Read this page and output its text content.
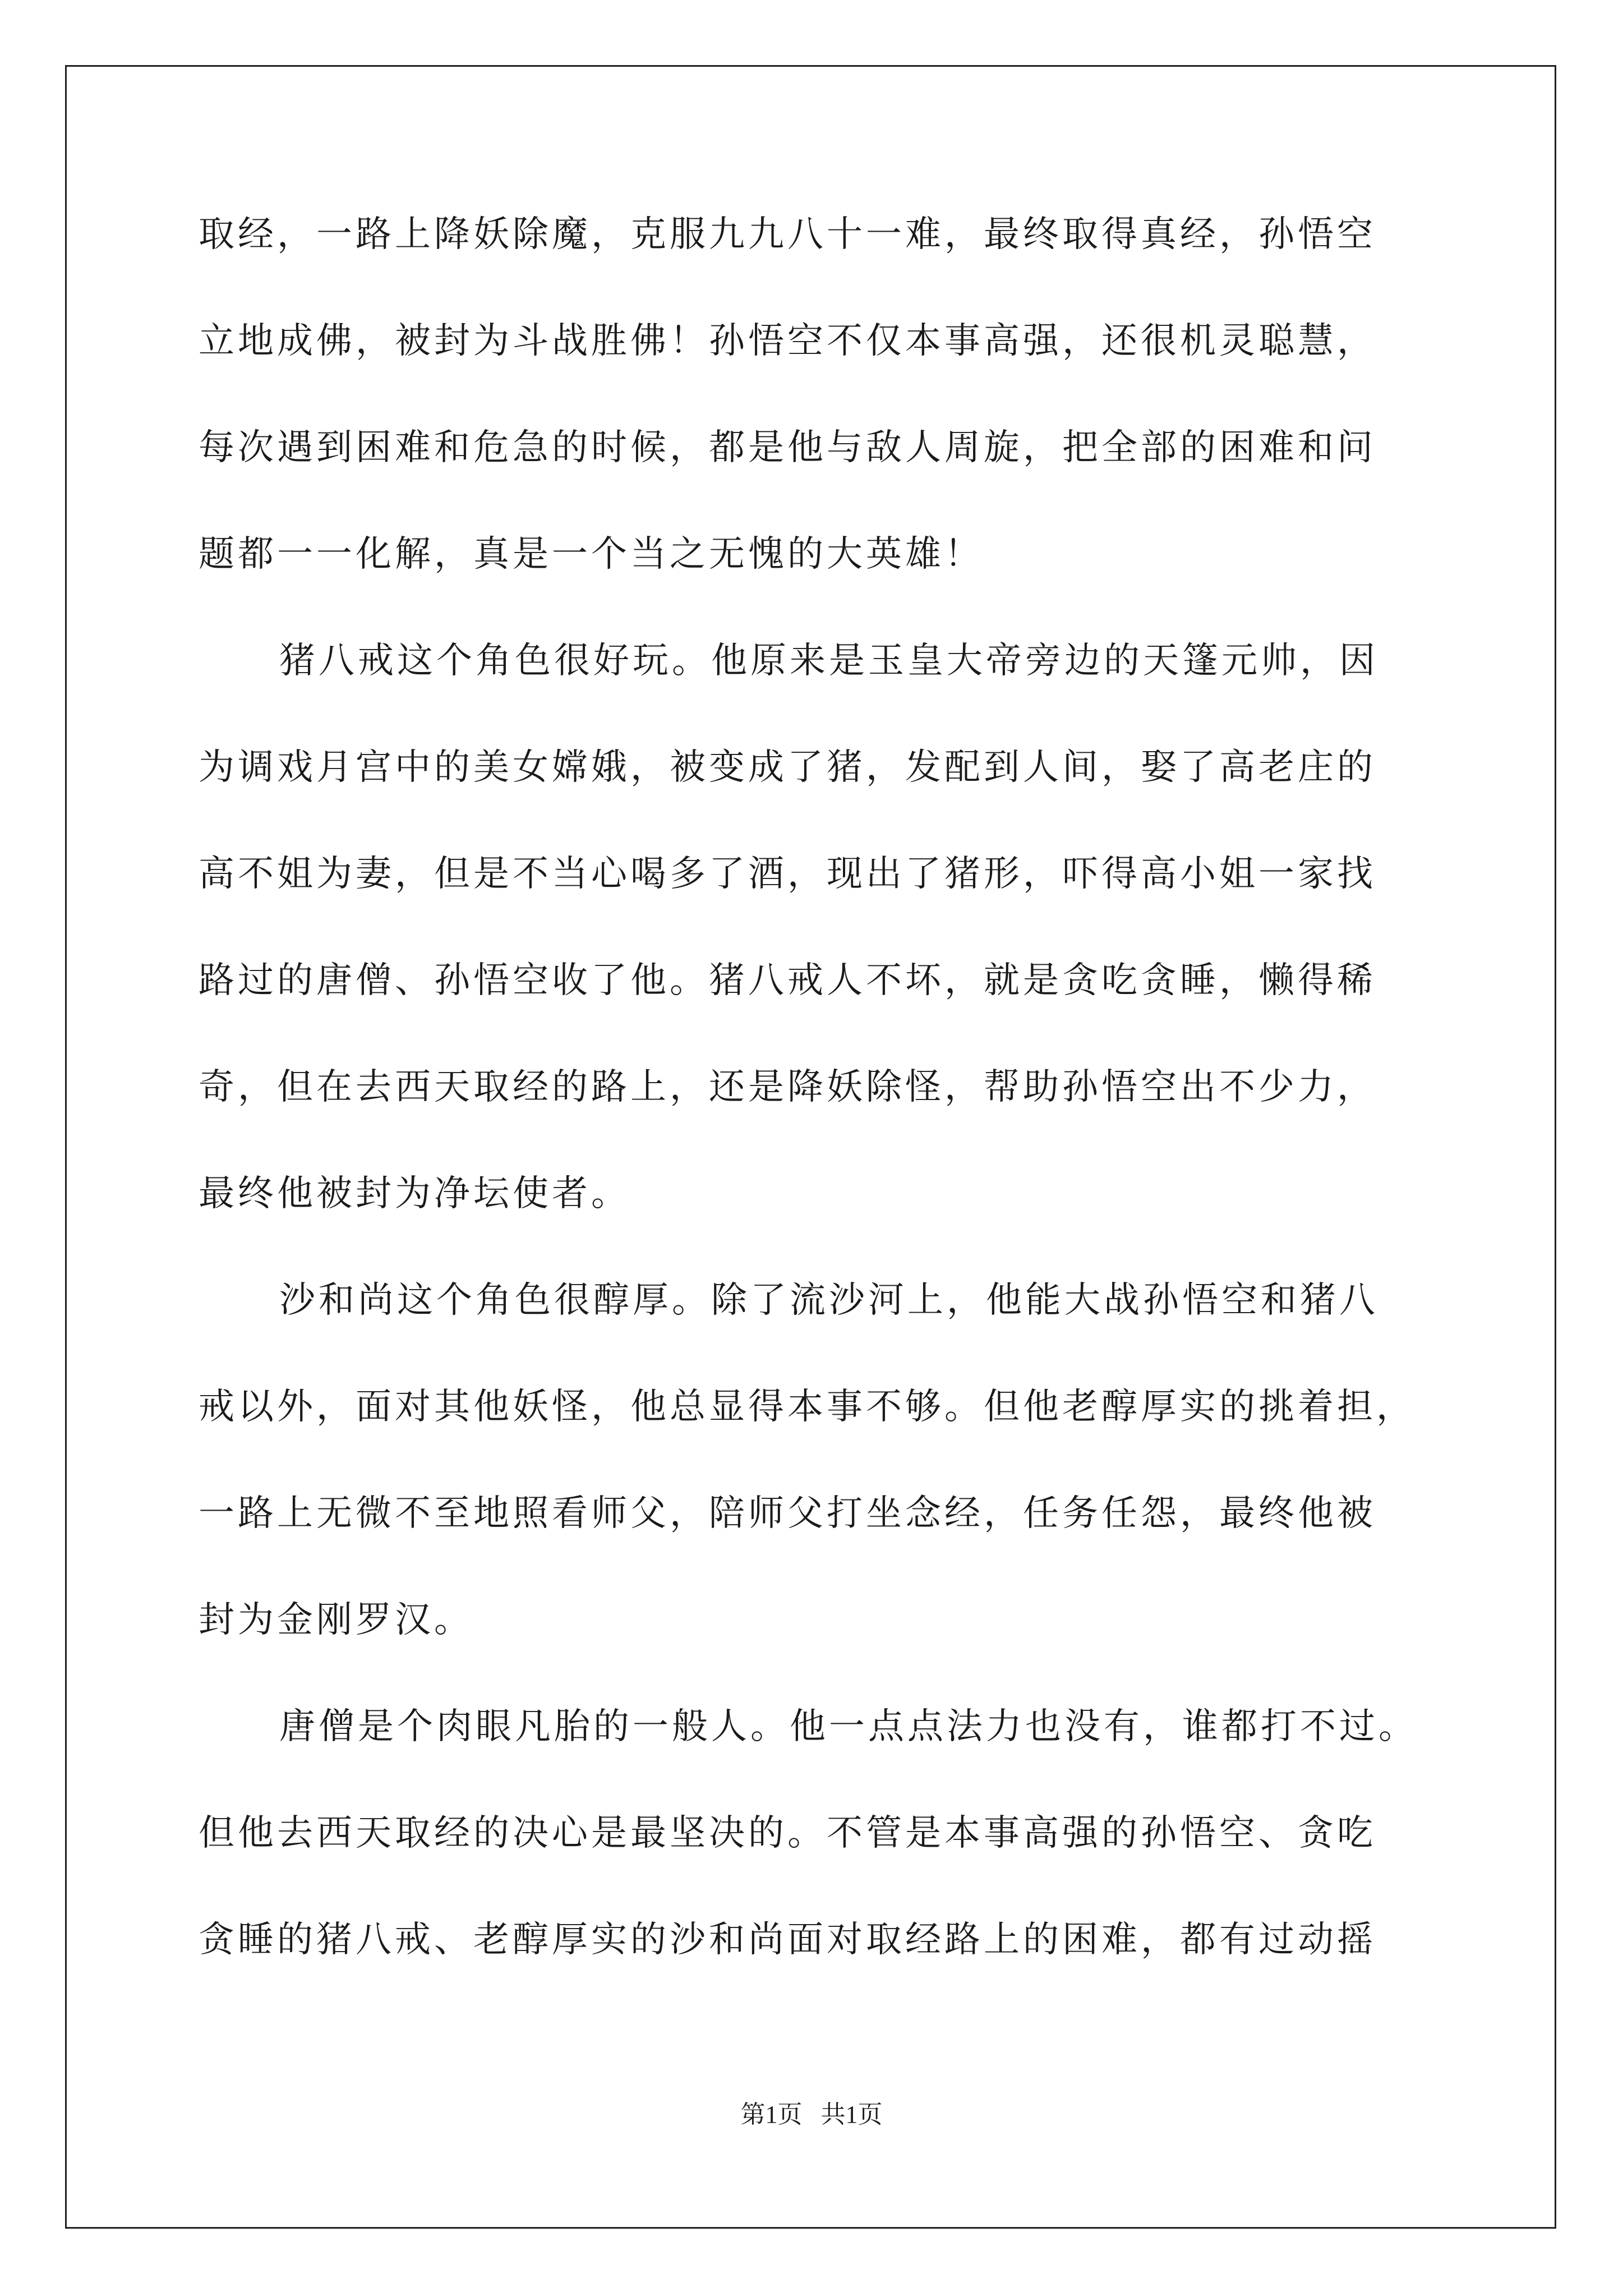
取经，一路上降妖除魔，克服九九八十一难，最终取得真经，孙悟空
立地成佛，被封为斗战胜佛！孙悟空不仅本事高强，还很机灵聪慧，
每次遇到困难和危急的时候，都是他与敌人周旋，把全部的困难和问
题都一一化解，真是一个当之无愧的大英雄！
猪八戒这个角色很好玩。他原来是玉皇大帝旁边的天篷元帅，因
为调戏月宫中的美女嫦娥，被变成了猪，发配到人间，娶了高老庄的
高不姐为妻，但是不当心喝多了酒，现出了猪形，吓得高小姐一家找
路过的唐僧、孙悟空收了他。猪八戒人不坏，就是贪吃贪睡，懒得稀
奇，但在去西天取经的路上，还是降妖除怪，帮助孙悟空出不少力，
最终他被封为净坛使者。
沙和尚这个角色很醇厚。除了流沙河上，他能大战孙悟空和猪八
戒以外，面对其他妖怪，他总显得本事不够。但他老醇厚实的挑着担，
一路上无微不至地照看师父，陪师父打坐念经，任务任怨，最终他被
封为金刚罗汉。
唐僧是个肉眼凡胎的一般人。他一点点法力也没有，谁都打不过。
但他去西天取经的决心是最坚决的。不管是本事高强的孙悟空、贪吃
贪睡的猪八戒、老醇厚实的沙和尚面对取经路上的困难，都有过动摇
第1页   共1页
